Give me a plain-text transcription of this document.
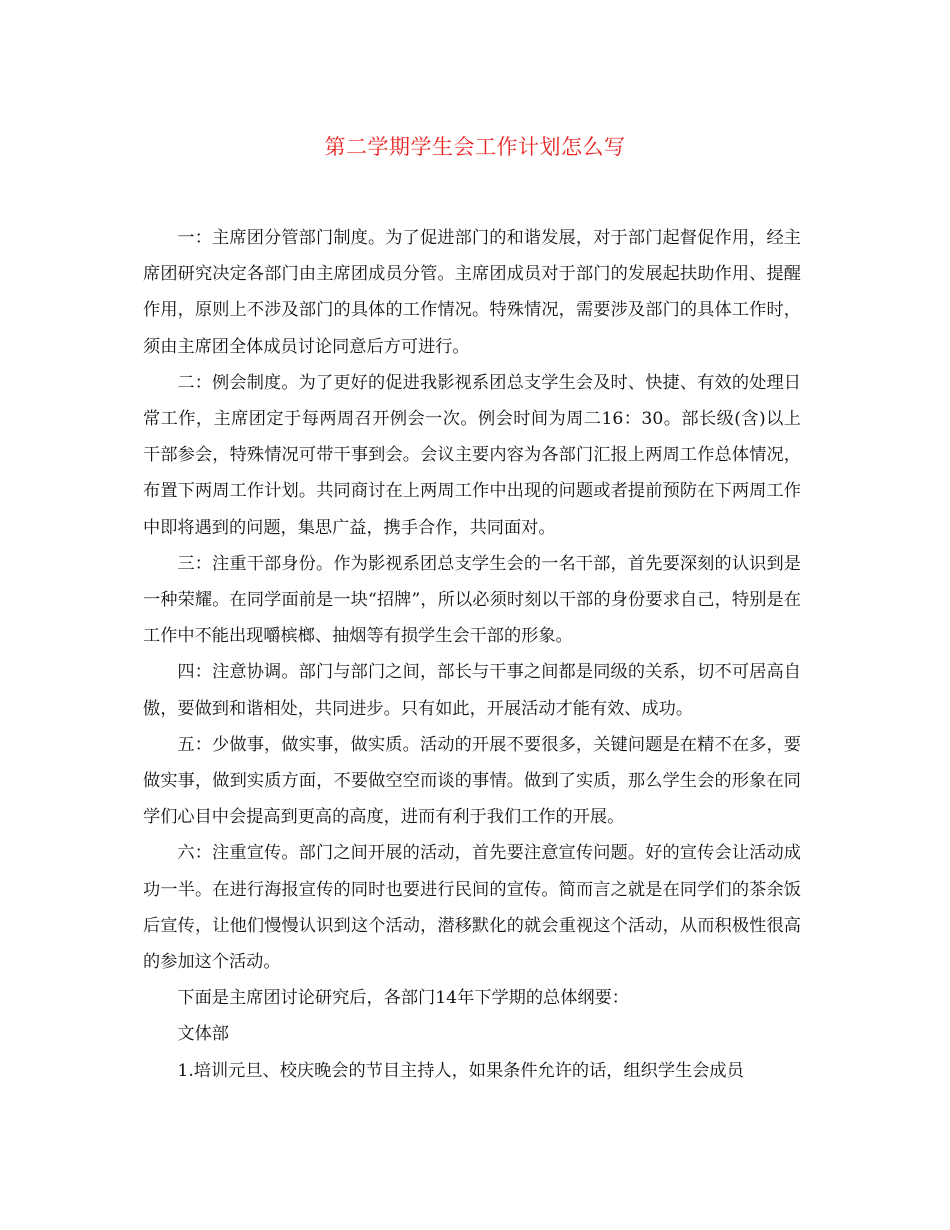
第二学期学生会工作计划怎么写

一：主席团分管部门制度。为了促进部门的和谐发展，对于部门起督促作用，经主席团研究决定各部门由主席团成员分管。主席团成员对于部门的发展起扶助作用、提醒作用，原则上不涉及部门的具体的工作情况。特殊情况，需要涉及部门的具体工作时，须由主席团全体成员讨论同意后方可进行。

二：例会制度。为了更好的促进我影视系团总支学生会及时、快捷、有效的处理日常工作，主席团定于每两周召开例会一次。例会时间为周二16：30。部长级(含)以上干部参会，特殊情况可带干事到会。会议主要内容为各部门汇报上两周工作总体情况，布置下两周工作计划。共同商讨在上两周工作中出现的问题或者提前预防在下两周工作中即将遇到的问题，集思广益，携手合作，共同面对。

三：注重干部身份。作为影视系团总支学生会的一名干部，首先要深刻的认识到是一种荣耀。在同学面前是一块“招牌”，所以必须时刻以干部的身份要求自己，特别是在工作中不能出现嚼槟榔、抽烟等有损学生会干部的形象。

四：注意协调。部门与部门之间，部长与干事之间都是同级的关系，切不可居高自傲，要做到和谐相处，共同进步。只有如此，开展活动才能有效、成功。

五：少做事，做实事，做实质。活动的开展不要很多，关键问题是在精不在多，要做实事，做到实质方面，不要做空空而谈的事情。做到了实质，那么学生会的形象在同学们心目中会提高到更高的高度，进而有利于我们工作的开展。

六：注重宣传。部门之间开展的活动，首先要注意宣传问题。好的宣传会让活动成功一半。在进行海报宣传的同时也要进行民间的宣传。简而言之就是在同学们的茶余饭后宣传，让他们慢慢认识到这个活动，潜移默化的就会重视这个活动，从而积极性很高的参加这个活动。

下面是主席团讨论研究后，各部门14年下学期的总体纲要：

文体部

1.培训元旦、校庆晚会的节目主持人，如果条件允许的话，组织学生会成员
